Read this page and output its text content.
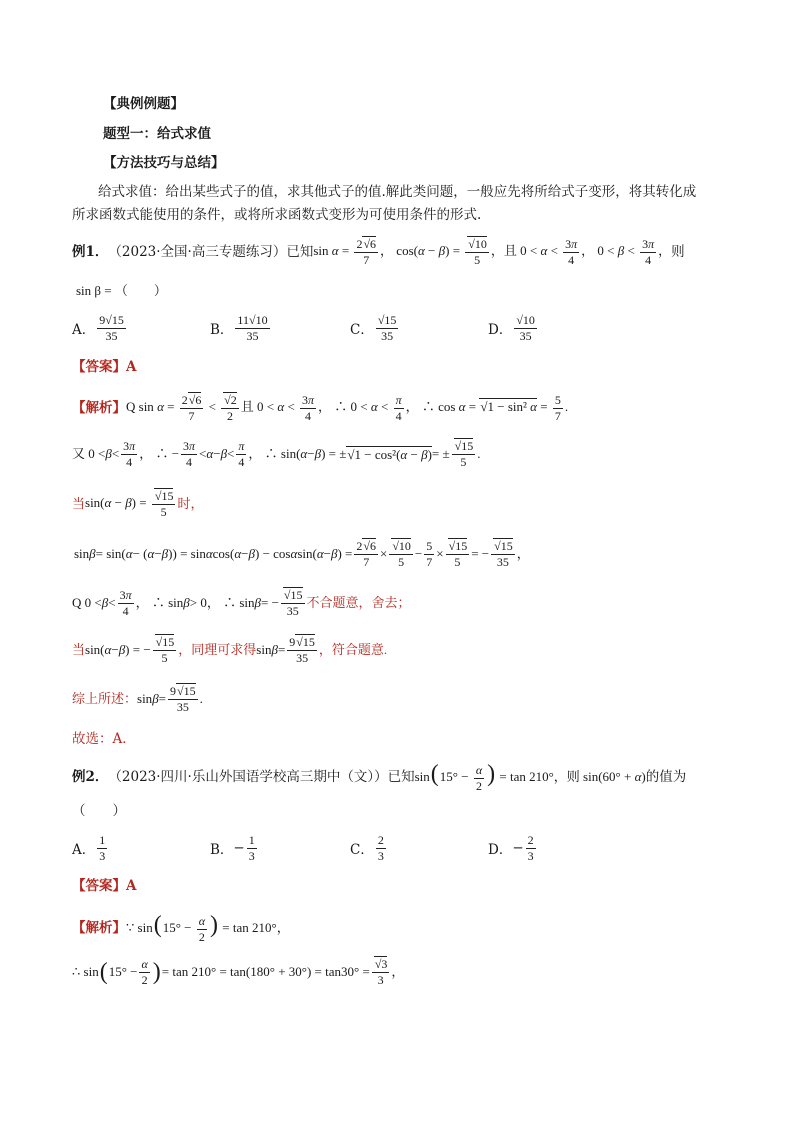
【典例例题】
题型一：给式求值
【方法技巧与总结】
给式求值：给出某些式子的值，求其他式子的值.解此类问题，一般应先将所给式子变形，将其转化成
所求函数式能使用的条件，或将所求函数式变形为可使用条件的形式.
例1． （2023·全国·高三专题练习）已知 $\sin \alpha = \frac{2 √ 6}{7}$ ， cos(α − β) = √ $\frac{10}{5}$ ，且 $0 < \alpha < \frac{3\pi}{4}$ ， $0 < \beta < \frac{3\pi}{4}$ ， 则
sin β = （　　）
A． $\frac{9√15}{35}$	B． $\frac{11√10}{35}$	C． $\frac{√15}{35}$	D． $\frac{√10}{35}$
【答案】A
【解析】 Q $\sin \alpha = \frac{2 √ 6}{7}$ < √ $\frac{2}{2}$ 且 $0 < \alpha < \frac{3\pi}{4}$ ， ∴ $0 < \alpha < \frac{\pi}{4}$ ， ∴ cos α = √ 1 − sin² $\alpha = \frac{5}{7}$ .
又 $0 < \beta < \frac{3\pi}{4}$ ， ∴ − $\frac{3\pi}{4} < \alpha - \beta < \frac{\pi}{4}$ ， ∴ sin( α − β ) = ± √ 1 − cos²(α − β) = ± √ $\frac{15}{5}$ .
当 sin(α − β) = √ $\frac{15}{5}$ 时，
sin β = sin( α − ( α − β )) = sin α cos( α − β ) − cos α sin( α − β ) = $\frac{2 √ 6}{7}$ × √ $\frac{10}{5} - \frac{5}{7}$ × √ $\frac{15}{5}$ = − √ $\frac{15}{35}$ ，
Q $0 < \beta < \frac{3\pi}{4}$ ， ∴ sin β > 0， ∴ sin β = − √ $\frac{15}{35}$ 不合题意，舍去；
当 sin( α − β ) = − √ $\frac{15}{5}$ ，同理可求得 $\sin \beta = \frac{9 √ 15}{35}$ ，符合题意.
综上所述： $\sin \beta = \frac{9 √ 15}{35}$ .
故选：A．
例2． （2023·四川·乐山外国语学校高三期中（文））已知 $\sin(15^\circ - \frac{\alpha}{2}$ ) = tan 210°，则 sin(60° + α) 的值为
（　　）
A． $\frac{1}{3}$	B． − $\frac{1}{3}$	C． $\frac{2}{3}$	D． − $\frac{2}{3}$
【答案】A
【解析】 ∵ $\sin(15^\circ - \frac{\alpha}{2}$ ) = tan 210°，
∴ sin ( $15^\circ - \frac{\alpha}{2}$ ) = tan 210° = tan(180° + 30°) = tan30° = √ $\frac{3}{3}$ ，
